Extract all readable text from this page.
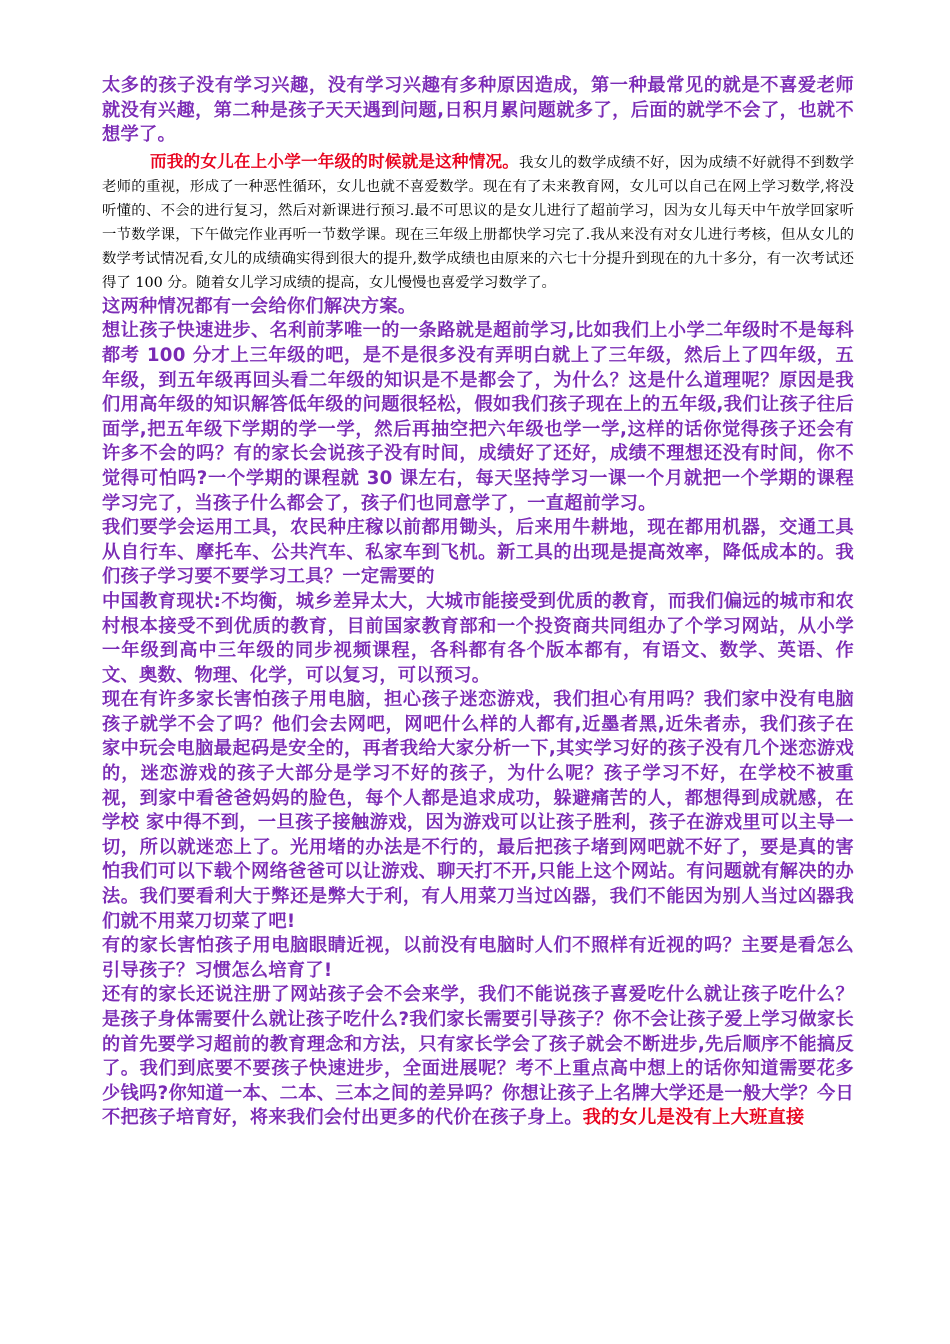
太多的孩子没有学习兴趣，没有学习兴趣有多种原因造成，第一种最常见的就是不喜爱老师就没有兴趣，第二种是孩子天天遇到问题,日积月累问题就多了，后面的就学不会了，也就不想学了。

而我的女儿在上小学一年级的时候就是这种情况。我女儿的数学成绩不好，因为成绩不好就得不到数学老师的重视，形成了一种恶性循环，女儿也就不喜爱数学。现在有了未来教育网，女儿可以自己在网上学习数学,将没听懂的、不会的进行复习，然后对新课进行预习.最不可思议的是女儿进行了超前学习，因为女儿每天中午放学回家听一节数学课，下午做完作业再听一节数学课。现在三年级上册都快学习完了.我从来没有对女儿进行考核，但从女儿的数学考试情况看,女儿的成绩确实得到很大的提升,数学成绩也由原来的六七十分提升到现在的九十多分，有一次考试还得了 100 分。随着女儿学习成绩的提高，女儿慢慢也喜爱学习数学了。

这两种情况都有一会给你们解决方案。

想让孩子快速进步、名利前茅唯一的一条路就是超前学习,比如我们上小学二年级时不是每科都考 100 分才上三年级的吧，是不是很多没有弄明白就上了三年级，然后上了四年级，五年级，到五年级再回头看二年级的知识是不是都会了，为什么？这是什么道理呢？原因是我们用高年级的知识解答低年级的问题很轻松，假如我们孩子现在上的五年级,我们让孩子往后面学,把五年级下学期的学一学，然后再抽空把六年级也学一学,这样的话你觉得孩子还会有许多不会的吗？有的家长会说孩子没有时间，成绩好了还好，成绩不理想还没有时间，你不觉得可怕吗?一个学期的课程就 30 课左右，每天坚持学习一课一个月就把一个学期的课程学习完了，当孩子什么都会了，孩子们也同意学了，一直超前学习。

我们要学会运用工具，农民种庄稼以前都用锄头，后来用牛耕地，现在都用机器，交通工具从自行车、摩托车、公共汽车、私家车到飞机。新工具的出现是提高效率，降低成本的。我们孩子学习要不要学习工具？一定需要的

中国教育现状:不均衡，城乡差异太大，大城市能接受到优质的教育，而我们偏远的城市和农村根本接受不到优质的教育，目前国家教育部和一个投资商共同组办了个学习网站，从小学一年级到高中三年级的同步视频课程，各科都有各个版本都有，有语文、数学、英语、作文、奥数、物理、化学，可以复习，可以预习。

现在有许多家长害怕孩子用电脑，担心孩子迷恋游戏，我们担心有用吗？我们家中没有电脑孩子就学不会了吗？他们会去网吧，网吧什么样的人都有,近墨者黑,近朱者赤，我们孩子在家中玩会电脑最起码是安全的，再者我给大家分析一下,其实学习好的孩子没有几个迷恋游戏的，迷恋游戏的孩子大部分是学习不好的孩子，为什么呢？孩子学习不好，在学校不被重视，到家中看爸爸妈妈的脸色，每个人都是追求成功，躲避痛苦的人，都想得到成就感，在学校 家中得不到，一旦孩子接触游戏，因为游戏可以让孩子胜利，孩子在游戏里可以主导一切，所以就迷恋上了。光用堵的办法是不行的，最后把孩子堵到网吧就不好了，要是真的害怕我们可以下载个网络爸爸可以让游戏、聊天打不开,只能上这个网站。有问题就有解决的办法。我们要看利大于弊还是弊大于利，有人用菜刀当过凶器，我们不能因为别人当过凶器我们就不用菜刀切菜了吧!

有的家长害怕孩子用电脑眼睛近视，以前没有电脑时人们不照样有近视的吗？主要是看怎么引导孩子？习惯怎么培育了!

还有的家长还说注册了网站孩子会不会来学，我们不能说孩子喜爱吃什么就让孩子吃什么？是孩子身体需要什么就让孩子吃什么?我们家长需要引导孩子？你不会让孩子爱上学习做家长的首先要学习超前的教育理念和方法，只有家长学会了孩子就会不断进步,先后顺序不能搞反了。我们到底要不要孩子快速进步，全面进展呢？考不上重点高中想上的话你知道需要花多少钱吗?你知道一本、二本、三本之间的差异吗？你想让孩子上名牌大学还是一般大学？今日不把孩子培育好，将来我们会付出更多的代价在孩子身上。我的女儿是没有上大班直接
